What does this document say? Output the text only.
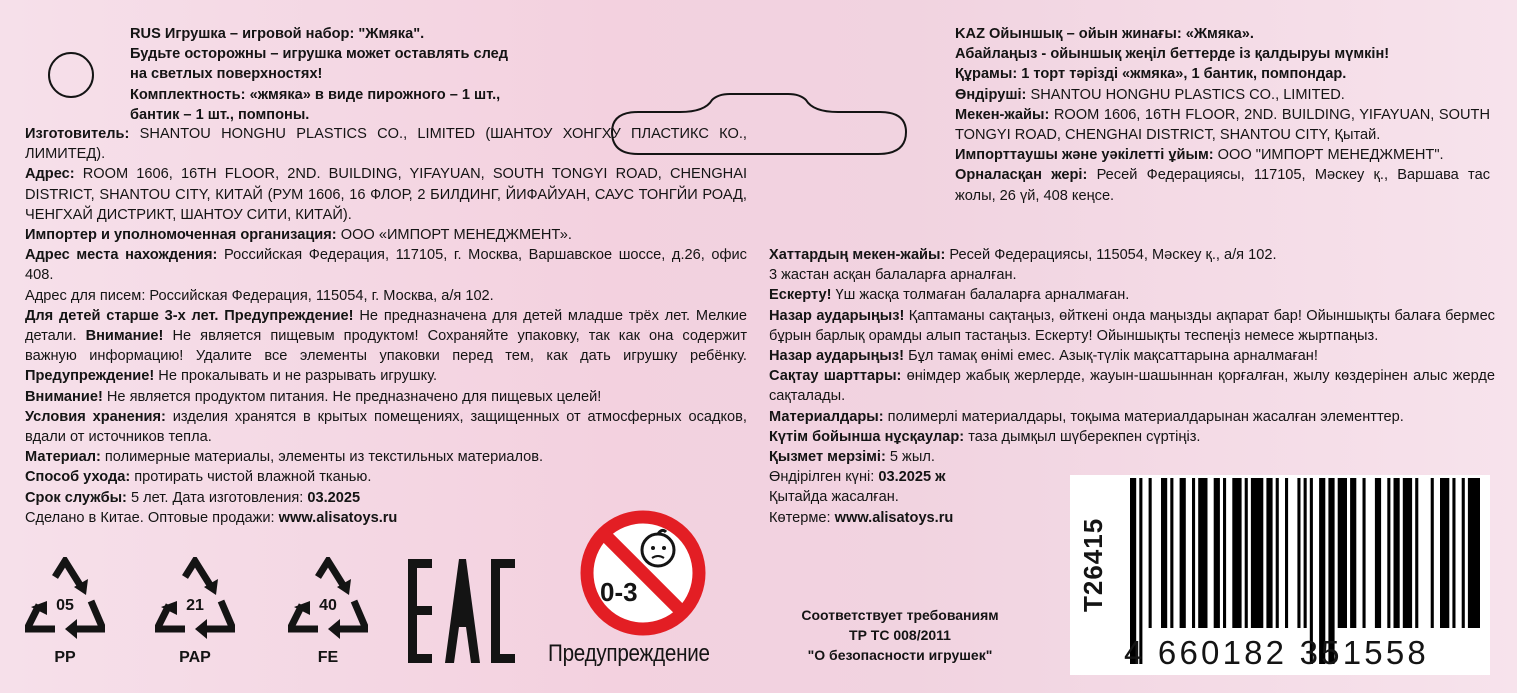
RUS Игрушка – игровой набор: "Жмяка".

Будьте осторожны – игрушка может оставлять след

на светлых поверхностях!

Комплектность: «жмяка» в виде пирожного – 1 шт.,

бантик – 1 шт., помпоны.

Изготовитель: SHANTOU HONGHU PLASTICS CO., LIMITED (ШАНТОУ ХОНГХУ ПЛАСТИКС КО., ЛИМИТЕД).

Адрес: ROOM 1606, 16TH FLOOR, 2ND. BUILDING, YIFAYUAN, SOUTH TONGYI ROAD, CHENGHAI DISTRICT, SHANTOU CITY, КИТАЙ (РУМ 1606, 16 ФЛОР, 2 БИЛДИНГ, ЙИФАЙУАН, САУС ТОНГЙИ РОАД, ЧЕНГХАЙ ДИСТРИКТ, ШАНТОУ СИТИ, КИТАЙ).

Импортер и уполномоченная организация: ООО «ИМПОРТ МЕНЕДЖМЕНТ».

Адрес места нахождения: Российская Федерация, 117105, г. Москва, Варшавское шоссе, д.26, офис 408.

Адрес для писем: Российская Федерация, 115054, г. Москва, а/я 102.

Для детей старше 3-х лет. Предупреждение! Не предназначена для детей младше трёх лет. Мелкие детали. Внимание! Не является пищевым продуктом! Сохраняйте упаковку, так как она содержит важную информацию! Удалите все элементы упаковки перед тем, как дать игрушку ребёнку. Предупреждение! Не прокалывать и не разрывать игрушку.

Внимание! Не является продуктом питания. Не предназначено для пищевых целей!

Условия хранения: изделия хранятся в крытых помещениях, защищенных от атмосферных осадков, вдали от источников тепла.

Материал: полимерные материалы, элементы из текстильных материалов.

Способ ухода: протирать чистой влажной тканью.

Срок службы: 5 лет. Дата изготовления: 03.2025

Сделано в Китае. Оптовые продажи: www.alisatoys.ru

KAZ Ойыншық – ойын жинағы: «Жмяка».

Абайлаңыз - ойыншық жеңіл беттерде із қалдыруы мүмкін!

Құрамы: 1 торт тәрізді «жмяка», 1 бантик, помпондар.

Өндіруші: SHANTOU HONGHU PLASTICS CO., LIMITED.

Мекен-жайы: ROOM 1606, 16TH FLOOR, 2ND. BUILDING, YIFAYUAN, SOUTH TONGYI ROAD, CHENGHAI DISTRICT, SHANTOU CITY, Қытай.

Импорттаушы және уәкілетті ұйым: ООО "ИМПОРТ МЕНЕДЖМЕНТ".

Орналасқан жері: Ресей Федерациясы, 117105, Мәскеу қ., Варшава тас жолы, 26 үй, 408 кеңсе.

Хаттардың мекен-жайы: Ресей Федерациясы, 115054, Мәскеу қ., а/я 102.

3 жастан асқан балаларға арналған.

Ескерту! Үш жасқа толмаған балаларға арналмаған.

Назар аударыңыз! Қаптаманы сақтаңыз, өйткені онда маңызды ақпарат бар! Ойыншықты балаға бермес бұрын барлық орамды алып тастаңыз. Ескерту! Ойыншықты теспеңіз немесе жыртпаңыз.

Назар аударыңыз! Бұл тамақ өнімі емес. Азық-түлік мақсаттарына арналмаған!

Сақтау шарттары: өнімдер жабық жерлерде, жауын-шашыннан қорғалған, жылу көздерінен алыс жерде сақталады.

Материалдары: полимерлі материалдары, тоқыма материалдарынан жасалған элементтер.

Күтім бойынша нұсқаулар: таза дымқыл шүберекпен сүртіңіз.

Қызмет мерзімі: 5 жыл.

Өндірілген күні: 03.2025 ж

Қытайда жасалған.

Көтерме: www.alisatoys.ru

05
PP
21
PAP
40
FE
0-3
Предупреждение
Соответствует требованиям
ТР ТС 008/2011
"О безопасности игрушек"
T26415
4 660182 351558
